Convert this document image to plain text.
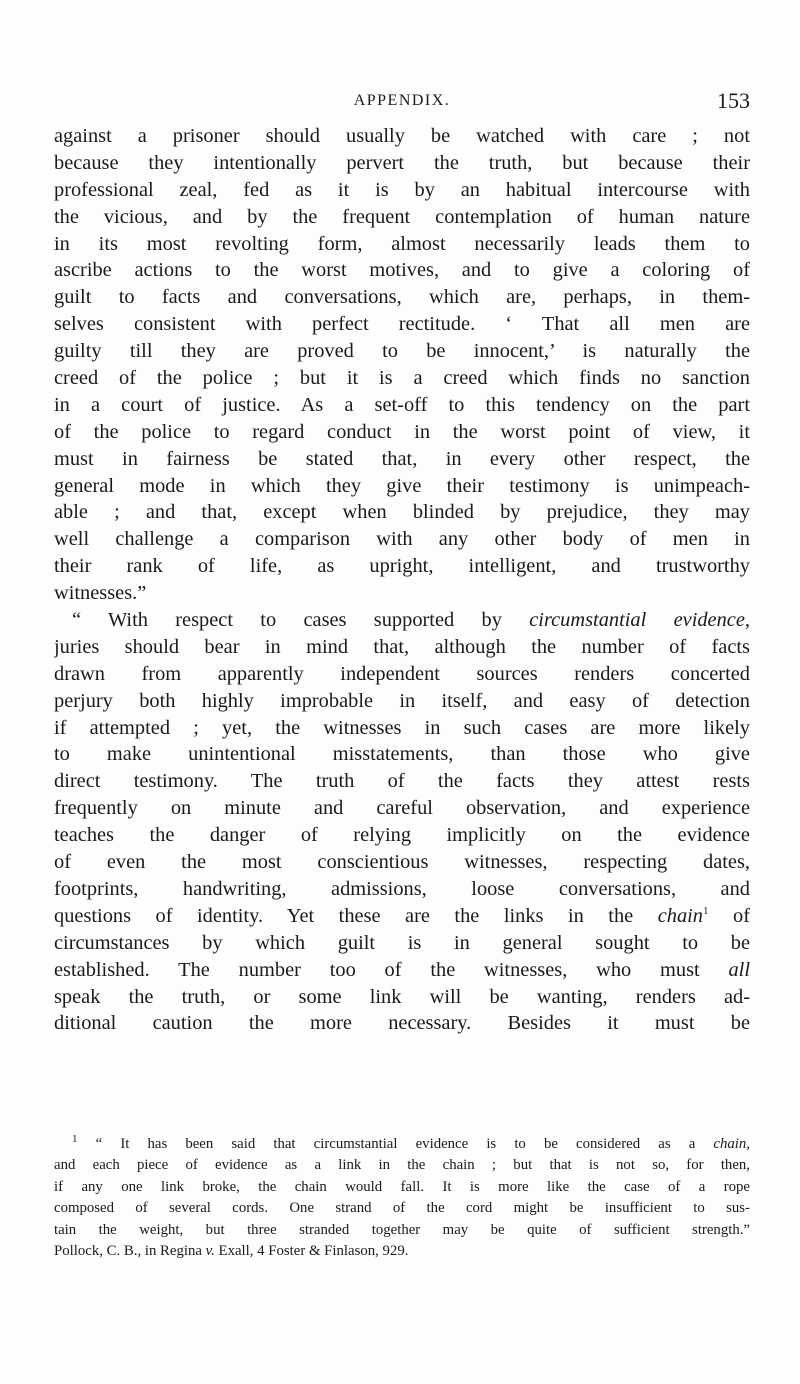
APPENDIX.	153
against a prisoner should usually be watched with care ; not
because they intentionally pervert the truth, but because their
professional zeal, fed as it is by an habitual intercourse with
the vicious, and by the frequent contemplation of human nature
in its most revolting form, almost necessarily leads them to
ascribe actions to the worst motives, and to give a coloring of
guilt to facts and conversations, which are, perhaps, in them-
selves consistent with perfect rectitude. ‘ That all men are
guilty till they are proved to be innocent,’ is naturally the
creed of the police ; but it is a creed which finds no sanction
in a court of justice. As a set-off to this tendency on the part
of the police to regard conduct in the worst point of view, it
must in fairness be stated that, in every other respect, the
general mode in which they give their testimony is unimpeach-
able ; and that, except when blinded by prejudice, they may
well challenge a comparison with any other body of men in
their rank of life, as upright, intelligent, and trustworthy
witnesses.”
“ With respect to cases supported by circumstantial evidence,
juries should bear in mind that, although the number of facts
drawn from apparently independent sources renders concerted
perjury both highly improbable in itself, and easy of detection
if attempted ; yet, the witnesses in such cases are more likely
to make unintentional misstatements, than those who give
direct testimony. The truth of the facts they attest rests
frequently on minute and careful observation, and experience
teaches the danger of relying implicitly on the evidence
of even the most conscientious witnesses, respecting dates,
footprints, handwriting, admissions, loose conversations, and
questions of identity. Yet these are the links in the chain$^1$ of
circumstances by which guilt is in general sought to be
established. The number too of the witnesses, who must all
speak the truth, or some link will be wanting, renders ad-
ditional caution the more necessary. Besides it must be
$^1$ “ It has been said that circumstantial evidence is to be considered as a chain,
and each piece of evidence as a link in the chain ; but that is not so, for then,
if any one link broke, the chain would fall. It is more like the case of a rope
composed of several cords. One strand of the cord might be insufficient to sus-
tain the weight, but three stranded together may be quite of sufficient strength.”
Pollock, C. B., in Regina v. Exall, 4 Foster & Finlason, 929.
